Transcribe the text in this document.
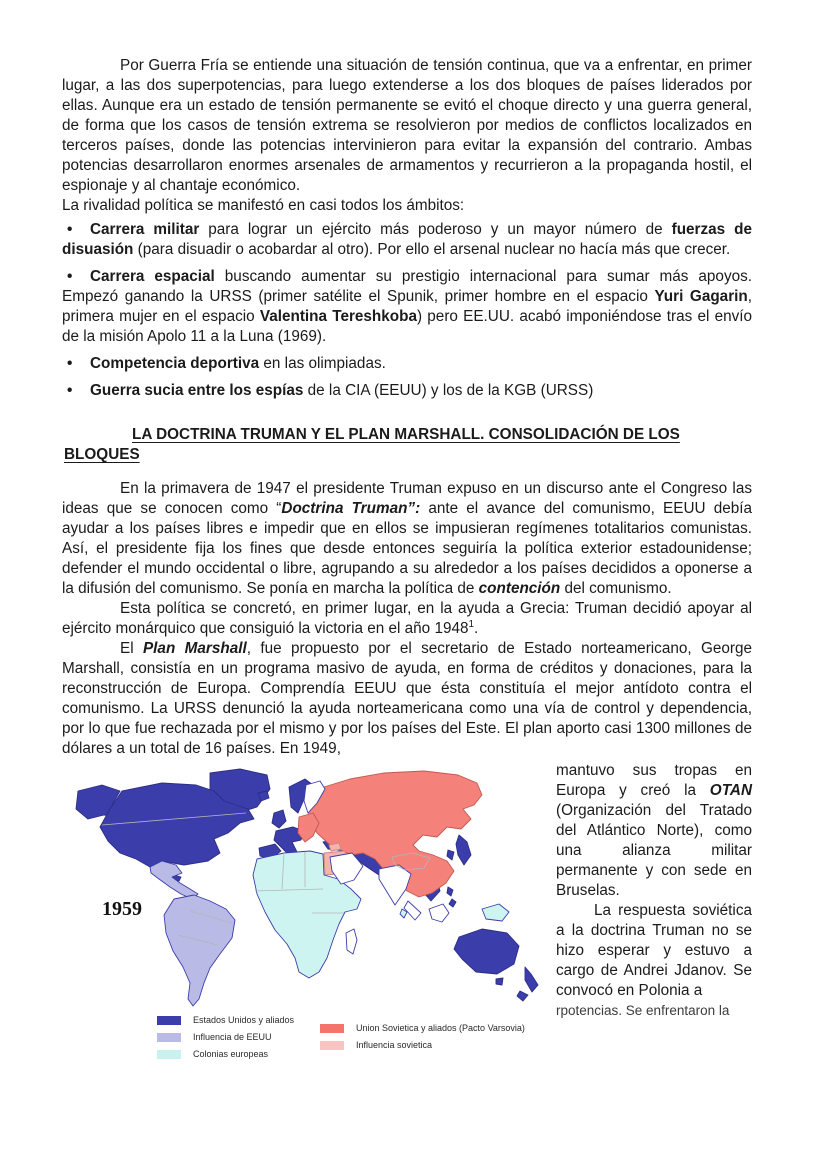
Por Guerra Fría se entiende una situación de tensión continua, que va a enfrentar, en primer lugar, a las dos superpotencias, para luego extenderse a los dos bloques de países liderados por ellas. Aunque era un estado de tensión permanente se evitó el choque directo y una guerra general, de forma que los casos de tensión extrema se resolvieron por medios de conflictos localizados en terceros países, donde las potencias intervinieron para evitar la expansión del contrario. Ambas potencias desarrollaron enormes arsenales de armamentos y recurrieron a la propaganda hostil, el espionaje y al chantaje económico.

La rivalidad política se manifestó en casi todos los ámbitos:

• Carrera militar para lograr un ejército más poderoso y un mayor número de fuerzas de disuasión (para disuadir o acobardar al otro). Por ello el arsenal nuclear no hacía más que crecer.

• Carrera espacial buscando aumentar su prestigio internacional para sumar más apoyos. Empezó ganando la URSS (primer satélite el Spunik, primer hombre en el espacio Yuri Gagarin, primera mujer en el espacio Valentina Tereshkoba) pero EE.UU. acabó imponiéndose tras el envío de la misión Apolo 11 a la Luna (1969).

• Competencia deportiva en las olimpiadas.

• Guerra sucia entre los espías de la CIA (EEUU) y los de la KGB (URSS)

LA DOCTRINA TRUMAN Y EL PLAN MARSHALL. CONSOLIDACIÓN DE LOS
BLOQUES

En la primavera de 1947 el presidente Truman expuso en un discurso ante el Congreso las ideas que se conocen como “Doctrina Truman”: ante el avance del comunismo, EEUU debía ayudar a los países libres e impedir que en ellos se impusieran regímenes totalitarios comunistas. Así, el presidente fija los fines que desde entonces seguiría la política exterior estadounidense; defender el mundo occidental o libre, agrupando a su alrededor a los países decididos a oponerse a la difusión del comunismo. Se ponía en marcha la política de contención del comunismo.

Esta política se concretó, en primer lugar, en la ayuda a Grecia: Truman decidió apoyar al ejército monárquico que consiguió la victoria en el año 1948$^1$.

El Plan Marshall, fue propuesto por el secretario de Estado norteamericano, George Marshall, consistía en un programa masivo de ayuda, en forma de créditos y donaciones, para la reconstrucción de Europa. Comprendía EEUU que ésta constituía el mejor antídoto contra el comunismo. La URSS denunció la ayuda norteamericana como una vía de control y dependencia, por lo que fue rechazada por el mismo y por los países del Este. El plan aporto casi 1300 millones de dólares a un total de 16 países. En 1949,

1959
Estados Unidos y aliados
Influencia de EEUU
Colonias europeas
Union Sovietica y aliados (Pacto Varsovia)
Influencia sovietica

mantuvo sus tropas en Europa y creó la OTAN (Organización del Tratado del Atlántico Norte), como una alianza militar permanente y con sede en Bruselas.

La respuesta soviética a la doctrina Truman no se hizo esperar y estuvo a cargo de Andrei Jdanov. Se convocó en Polonia a

rpotencias. Se enfrentaron la
